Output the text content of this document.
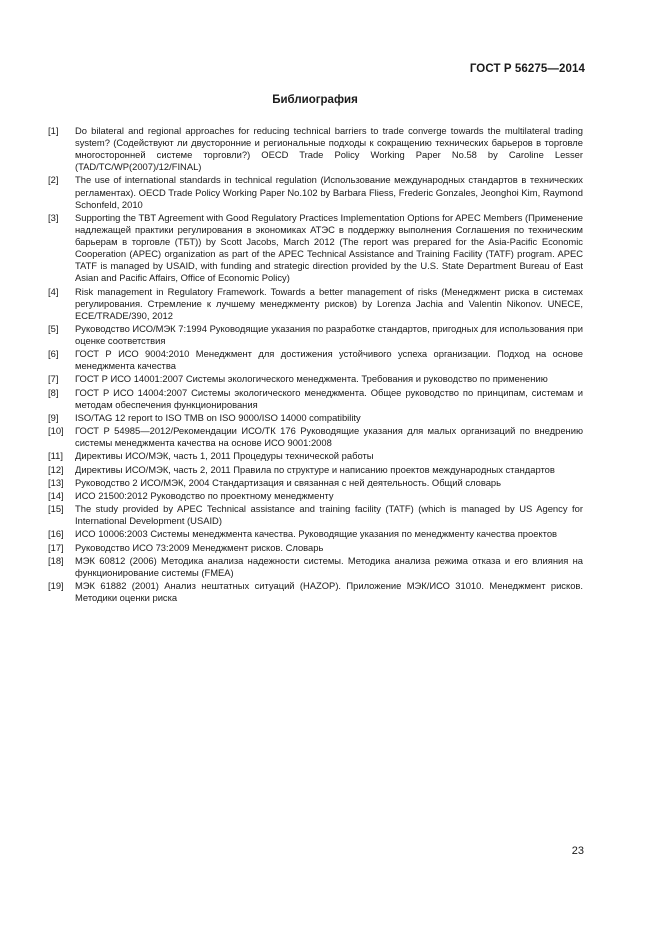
ГОСТ Р 56275—2014
Библиография
[1]	Do bilateral and regional approaches for reducing technical barriers to trade converge towards the multilateral trading system? (Содействуют ли двусторонние и региональные подходы к сокращению технических барьеров в торговле многосторонней системе торговли?) OECD Trade Policy Working Paper No.58 by Caroline Lesser (TAD/TC/WP(2007)/12/FINAL)
[2]	The use of international standards in technical regulation (Использование международных стандартов в технических регламентах). OECD Trade Policy Working Paper No.102 by Barbara Fliess, Frederic Gonzales, Jeonghoi Kim, Raymond Schonfeld, 2010
[3]	Supporting the TBT Agreement with Good Regulatory Practices Implementation Options for APEC Members (Применение надлежащей практики регулирования в экономиках АТЭС в поддержку выполнения Соглашения по техническим барьерам в торговле (ТБТ)) by Scott Jacobs, March 2012 (The report was prepared for the Asia-Pacific Economic Cooperation (APEC) organization as part of the APEC Technical Assistance and Training Facility (TATF) program. APEC TATF is managed by USAID, with funding and strategic direction provided by the U.S. State Department Bureau of East Asian and Pacific Affairs, Office of Economic Policy)
[4]	Risk management in Regulatory Framework. Towards a better management of risks (Менеджмент риска в системах регулирования. Стремление к лучшему менеджменту рисков) by Lorenza Jachia and Valentin Nikonov. UNECE, ECE/TRADE/390, 2012
[5]	Руководство ИСО/МЭК 7:1994 Руководящие указания по разработке стандартов, пригодных для использования при оценке соответствия
[6]	ГОСТ Р ИСО 9004:2010 Менеджмент для достижения устойчивого успеха организации. Подход на основе менеджмента качества
[7]	ГОСТ Р ИСО 14001:2007 Системы экологического менеджмента. Требования и руководство по применению
[8]	ГОСТ Р ИСО 14004:2007 Системы экологического менеджмента. Общее руководство по принципам, системам и методам обеспечения функционирования
[9]	ISO/TAG 12 report to ISO TMB on ISO 9000/ISO 14000 compatibility
[10]	ГОСТ Р 54985—2012/Рекомендации ИСО/ТК 176 Руководящие указания для малых организаций по внедрению системы менеджмента качества на основе ИСО 9001:2008
[11]	Директивы ИСО/МЭК, часть 1, 2011 Процедуры технической работы
[12]	Директивы ИСО/МЭК, часть 2, 2011 Правила по структуре и написанию проектов международных стандартов
[13]	Руководство 2 ИСО/МЭК, 2004 Стандартизация и связанная с ней деятельность. Общий словарь
[14]	ИСО 21500:2012 Руководство по проектному менеджменту
[15]	The study provided by APEC Technical assistance and training facility (TATF) (which is managed by US Agency for International Development (USAID)
[16]	ИСО 10006:2003 Системы менеджмента качества. Руководящие указания по менеджменту качества проектов
[17]	Руководство ИСО 73:2009 Менеджмент рисков. Словарь
[18]	МЭК 60812 (2006) Методика анализа надежности системы. Методика анализа режима отказа и его влияния на функционирование системы (FMEA)
[19]	МЭК 61882 (2001) Анализ нештатных ситуаций (HAZOP). Приложение МЭК/ИСО 31010. Менеджмент рисков. Методики оценки риска
23
